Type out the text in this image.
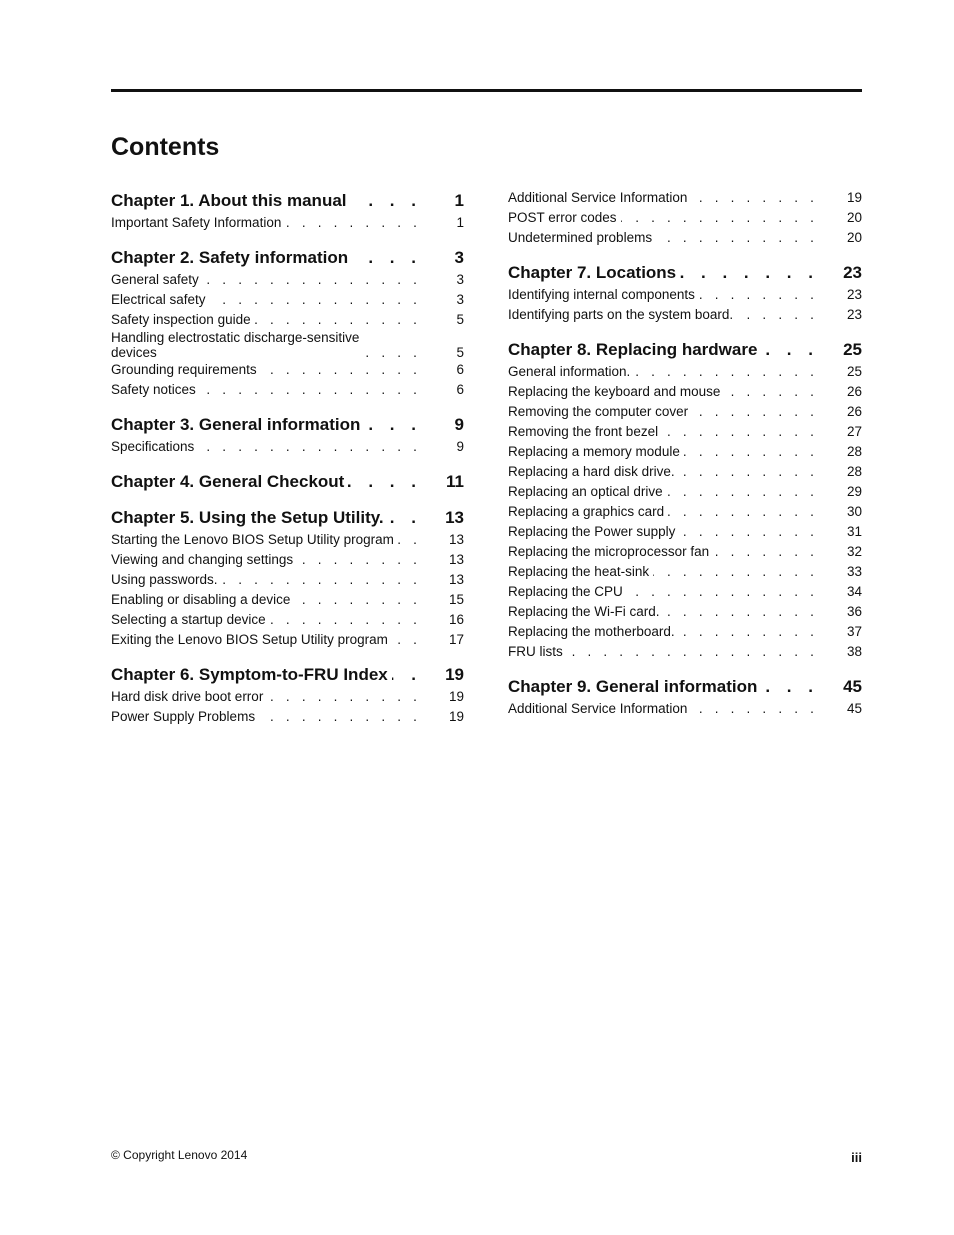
Contents
. . .
Chapter 1. About this manual	1
. . .
Important Safety Information	1
. . .
Chapter 2. Safety information	3
. . .
General safety	3
. . .
Electrical safety	3
. . .
Safety inspection guide	5
. . .
Handling electrostatic discharge-sensitive
devices	5
. . .
Grounding requirements	6
. . .
Safety notices	6
. . .
Chapter 3. General information	9
. . .
Specifications	9
. . .
Chapter 4. General Checkout	11
. . .
Chapter 5. Using the Setup Utility.	13
. . .
Starting the Lenovo BIOS Setup Utility program	13
. . .
Viewing and changing settings	13
. . .
Using passwords.	13
. . .
Enabling or disabling a device	15
. . .
Selecting a startup device	16
. . .
Exiting the Lenovo BIOS Setup Utility program	17
. . .
Chapter 6. Symptom-to-FRU Index	19
. . .
Hard disk drive boot error	19
. . .
Power Supply Problems	19
. . .
Additional Service Information	19
. . .
POST error codes	20
. . .
Undetermined problems	20
. . .
Chapter 7. Locations	23
. . .
Identifying internal components	23
. . .
Identifying parts on the system board.	23
. . .
Chapter 8. Replacing hardware	25
. . .
General information.	25
. . .
Replacing the keyboard and mouse	26
. . .
Removing the computer cover	26
. . .
Removing the front bezel	27
. . .
Replacing a memory module	28
. . .
Replacing a hard disk drive.	28
. . .
Replacing an optical drive	29
. . .
Replacing a graphics card	30
. . .
Replacing the Power supply	31
. . .
Replacing the microprocessor fan	32
. . .
Replacing the heat-sink	33
. . .
Replacing the CPU	34
. . .
Replacing the Wi-Fi card.	36
. . .
Replacing the motherboard.	37
. . .
FRU lists	38
. . .
Chapter 9. General information	45
. . .
Additional Service Information	45
© Copyright Lenovo 2014	iii
